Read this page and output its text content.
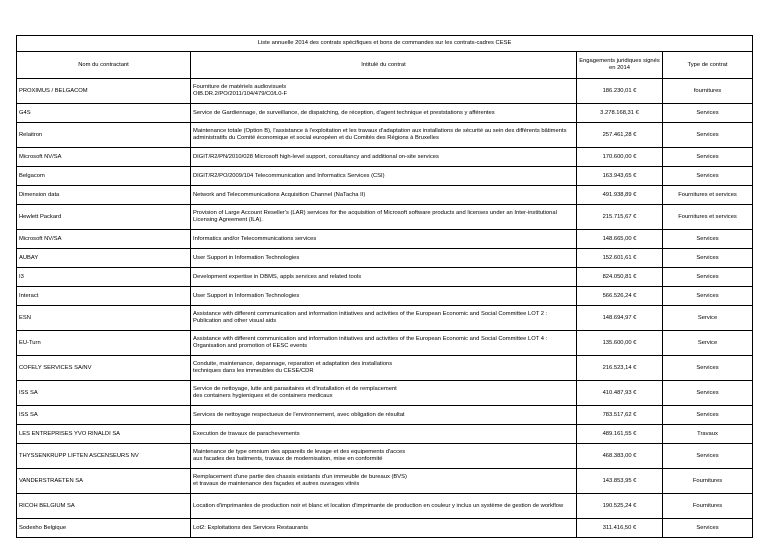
Liste annuelle 2014 des contrats spécifiques et bons de commandes sur les contrats-cadres CESE			
Nom du contractant	Intitulé du contrat	Engagements juridiques signés en 2014	Type de contrat
PROXIMUS / BELGACOM	Fourniture de matériels audiovisuels
OIB.DR.2/PO/2011/104/479/C0/L0-F	186.230,01 €	fournitures
G4S	Service de Gardiennage, de surveillance, de dispatching, de réception, d'agent technique et preststations y afférentes	3.278.168,31 €	Services
Relaitron	Maintenance totale (Option B), l'assistance à l'exploitation et les travaux d'adaptation aux installations de sécurité au sein des différents bâtiments administratifs du Comité économique et social européen et du Comités des Régions à Bruxelles	257.461,28 €	Services
Microsoft NV/SA	DIGIT/R2/PN/2010/028 Microsoft high-level support, consultancy and additional on-site services	170.600,00 €	Services
Belgacom	DIGIT/R2/PO/2009/104 Telecommunication and Informatics Services (CSI)	163.943,65 €	Services
Dimension data	Network and Telecommunications Acquisition Channel (NaTacha II)	491.938,89 €	Fournitures et services
Hewlett Packard	Provision of Large Account Reseller's (LAR) services for the acquisition of Microsoft software products and licenses under an Inter-institutional Licensing Agreement (ILA).	215.715,67 €	Fournitures et services
Microsoft NV/SA	Informatics and/or Telecommunications services	148.665,00 €	Services
AUBAY	User Support in Information Technologies	152.601,61 €	Services
I3	Development expertise in DBMS, appls services and related tools	824.050,81 €	Services
Interact	User Support in Information Technologies	566.526,24 €	Services
ESN	Assistance with different communication and information initiatives and activities of the European Economic and Social Committee LOT 2 : Publication and other visual aids	148.694,97 €	Service
EU-Turn	Assistance with different communication and information initiatives and activities of the European Economic and Social Committee LOT 4 : Organisation and promotion of EESC events	135.600,00 €	Service
COFELY SERVICES SA/NV	Conduite, maintenance, depannage, reparation et adaptation des installations
techniques dans les immeubles du CESE/CDR	216.523,14 €	Services
ISS SA	Service de nettoyage, lutte anti parasitaires et d'installation et de remplacement
des containers hygieniques et de containers medicaux	410.487,93 €	Services
ISS SA	Services de nettoyage respectueux de l'environnement, avec obligation de résultat	783.517,62 €	Services
LES ENTREPRISES YVO RINALDI SA	Execution de travaux de parachevements	489.161,55 €	Travaux
THYSSENKRUPP LIFTEN ASCENSEURS NV	Maintenance de type omnium des appareils de levage et des equipements d'acces
aux facades des batiments, travaux de modernisation, mise en conformité	468.383,00 €	Services
VANDERSTRAETEN SA	Remplacement d'une partie des chassis existants d'un immeuble de bureaux (BVS)
et travaux de maintenance des façades et autres ouvrages vitrés	143.853,95 €	Fournitures
RICOH BELGIUM SA	Location d'imprimantes de production noir et blanc et location d'imprimante de production en couleur y inclus un système de gestion de workflow	190.525,24 €	Fournitures
Sodexho Belgique	Lot2: Exploitations des Services Restaurants	311.416,50 €	Services
